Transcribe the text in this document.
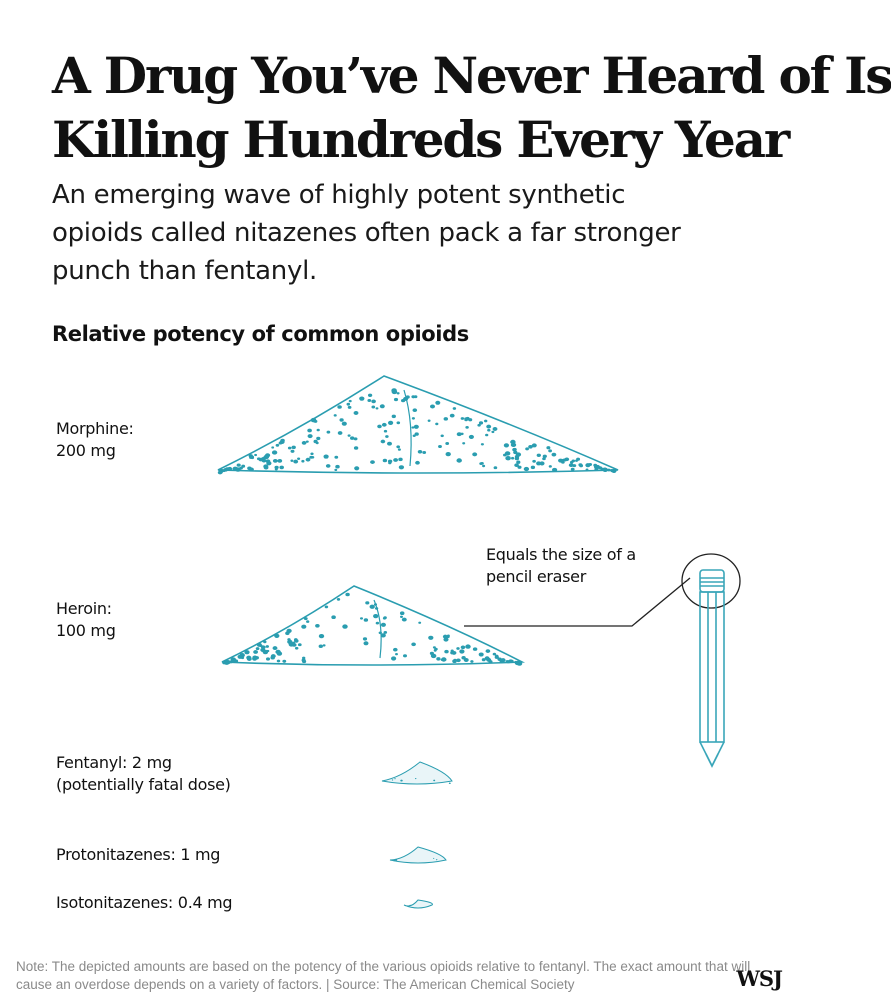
A Drug You’ve Never Heard of Is
Killing Hundreds Every Year

An emerging wave of highly potent synthetic
opioids called nitazenes often pack a far stronger
punch than fentanyl.

Relative potency of common opioids
Morphine:
200 mg
Heroin:
100 mg
Fentanyl: 2 mg
(potentially fatal dose)
Protonitazenes: 1 mg
Isotonitazenes: 0.4 mg
Equals the size of a
pencil eraser
Note: The depicted amounts are based on the potency of the various opioids relative to fentanyl. The exact amount that will
cause an overdose depends on a variety of factors. | Source: The American Chemical Society	WSJ
